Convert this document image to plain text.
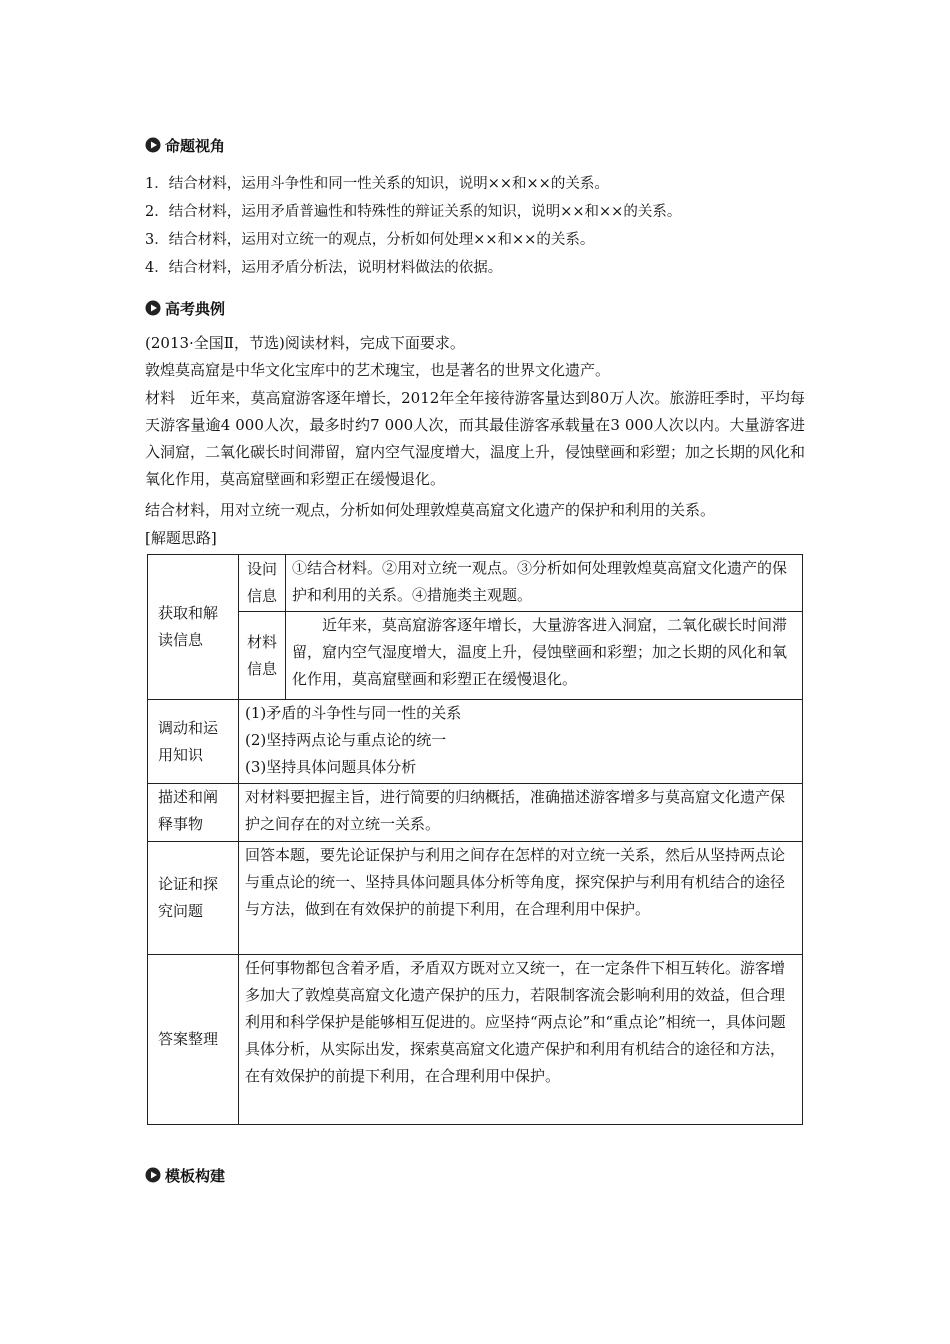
命题视角
1．结合材料，运用斗争性和同一性关系的知识，说明××和××的关系。
2．结合材料，运用矛盾普遍性和特殊性的辩证关系的知识，说明××和××的关系。
3．结合材料，运用对立统一的观点，分析如何处理××和××的关系。
4．结合材料，运用矛盾分析法，说明材料做法的依据。
高考典例
(2013·全国Ⅱ，节选)阅读材料，完成下面要求。
敦煌莫高窟是中华文化宝库中的艺术瑰宝，也是著名的世界文化遗产。
材料　近年来，莫高窟游客逐年增长，2012年全年接待游客量达到80万人次。旅游旺季时，平均每天游客量逾4 000人次，最多时约7 000人次，而其最佳游客承载量在3 000人次以内。大量游客进入洞窟，二氧化碳长时间滞留，窟内空气湿度增大，温度上升，侵蚀壁画和彩塑；加之长期的风化和氧化作用，莫高窟壁画和彩塑正在缓慢退化。
结合材料，用对立统一观点，分析如何处理敦煌莫高窟文化遗产的保护和利用的关系。
[解题思路]
获取和解读信息	设问信息	①结合材料。②用对立统一观点。③分析如何处理敦煌莫高窟文化遗产的保护和利用的关系。④措施类主观题。
	材料信息	近年来，莫高窟游客逐年增长，大量游客进入洞窟，二氧化碳长时间滞留，窟内空气湿度增大，温度上升，侵蚀壁画和彩塑；加之长期的风化和氧化作用，莫高窟壁画和彩塑正在缓慢退化。
调动和运用知识	(1)矛盾的斗争性与同一性的关系
(2)坚持两点论与重点论的统一
(3)坚持具体问题具体分析	

描述和阐释事物	对材料要把握主旨，进行简要的归纳概括，准确描述游客增多与莫高窟文化遗产保护之间存在的对立统一关系。	
论证和探究问题	回答本题，要先论证保护与利用之间存在怎样的对立统一关系，然后从坚持两点论与重点论的统一、坚持具体问题具体分析等角度，探究保护与利用有机结合的途径与方法，做到在有效保护的前提下利用，在合理利用中保护。	
答案整理	任何事物都包含着矛盾，矛盾双方既对立又统一，在一定条件下相互转化。游客增多加大了敦煌莫高窟文化遗产保护的压力，若限制客流会影响利用的效益，但合理利用和科学保护是能够相互促进的。应坚持“两点论”和“重点论”相统一，具体问题具体分析，从实际出发，探索莫高窟文化遗产保护和利用有机结合的途径和方法，在有效保护的前提下利用，在合理利用中保护。	
模板构建
